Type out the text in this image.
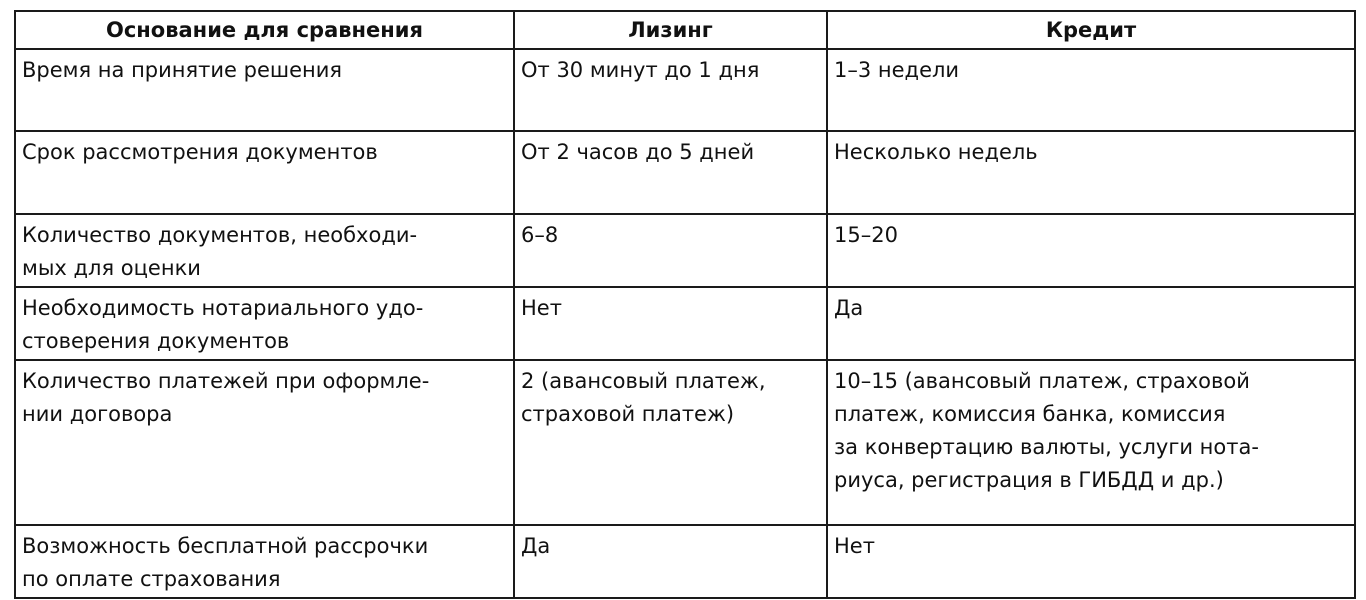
Основание для сравнения	Лизинг	Кредит

Время на принятие решения	От 30 минут до 1 дня	1–3 недели

Срок рассмотрения документов	От 2 часов до 5 дней	Несколько недель

Количество документов, необходи-
мых для оценки	6–8	15–20

Необходимость нотариального удо-
стоверения документов	Нет	Да

Количество платежей при оформле-
нии договора	2 (авансовый платеж,
страховой платеж)	10–15 (авансовый платеж, страховой
платеж, комиссия банка, комиссия
за конвертацию валюты, услуги нота-
риуса, регистрация в ГИБДД и др.)

Возможность бесплатной рассрочки
по оплате страхования	Да	Нет
